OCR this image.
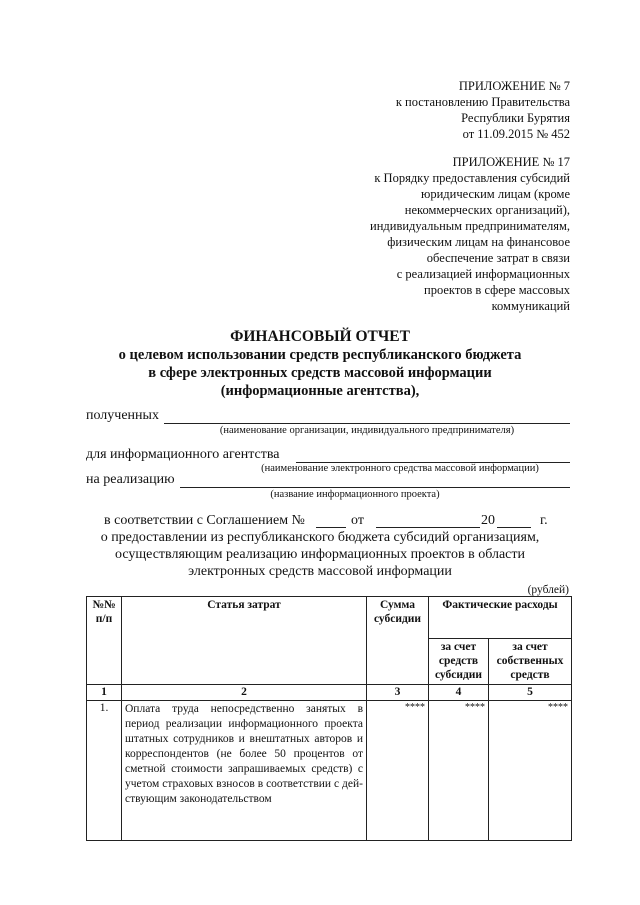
ПРИЛОЖЕНИЕ № 7
к постановлению Правительства
Республики Бурятия
от 11.09.2015 № 452
ПРИЛОЖЕНИЕ № 17
к Порядку предоставления субсидий
юридическим лицам (кроме
некоммерческих организаций),
индивидуальным предпринимателям,
физическим лицам на финансовое
обеспечение затрат в связи
с реализацией информационных
проектов в сфере массовых
коммуникаций
ФИНАНСОВЫЙ ОТЧЕТ
о целевом использовании средств республиканского бюджета
в сфере электронных средств массовой информации
(информационные агентства),
полученных
(наименование организации, индивидуального предпринимателя)
для информационного агентства
(наименование электронного средства массовой информации)
на реализацию
(название информационного проекта)
в соответствии с Соглашением №	от	20	г.
о предоставлении из республиканского бюджета субсидий организациям,
осуществляющим реализацию информационных проектов в области
электронных средств массовой информации
(рублей)
№№ п/п	Статья затрат	Сумма субсидии	Фактические расходы	
			за счет средств субсидии	за счет собственных средств
1	2	3	4	5
1.	Оплата труда непосредственно занятых в период реализации информационного проекта штатных сотрудников и внештатных авторов и корреспондентов (не более 50 процентов от сметной стоимости запрашиваемых средств) с учетом страховых взносов в соответствии с действующим законодательством	****	****	****
